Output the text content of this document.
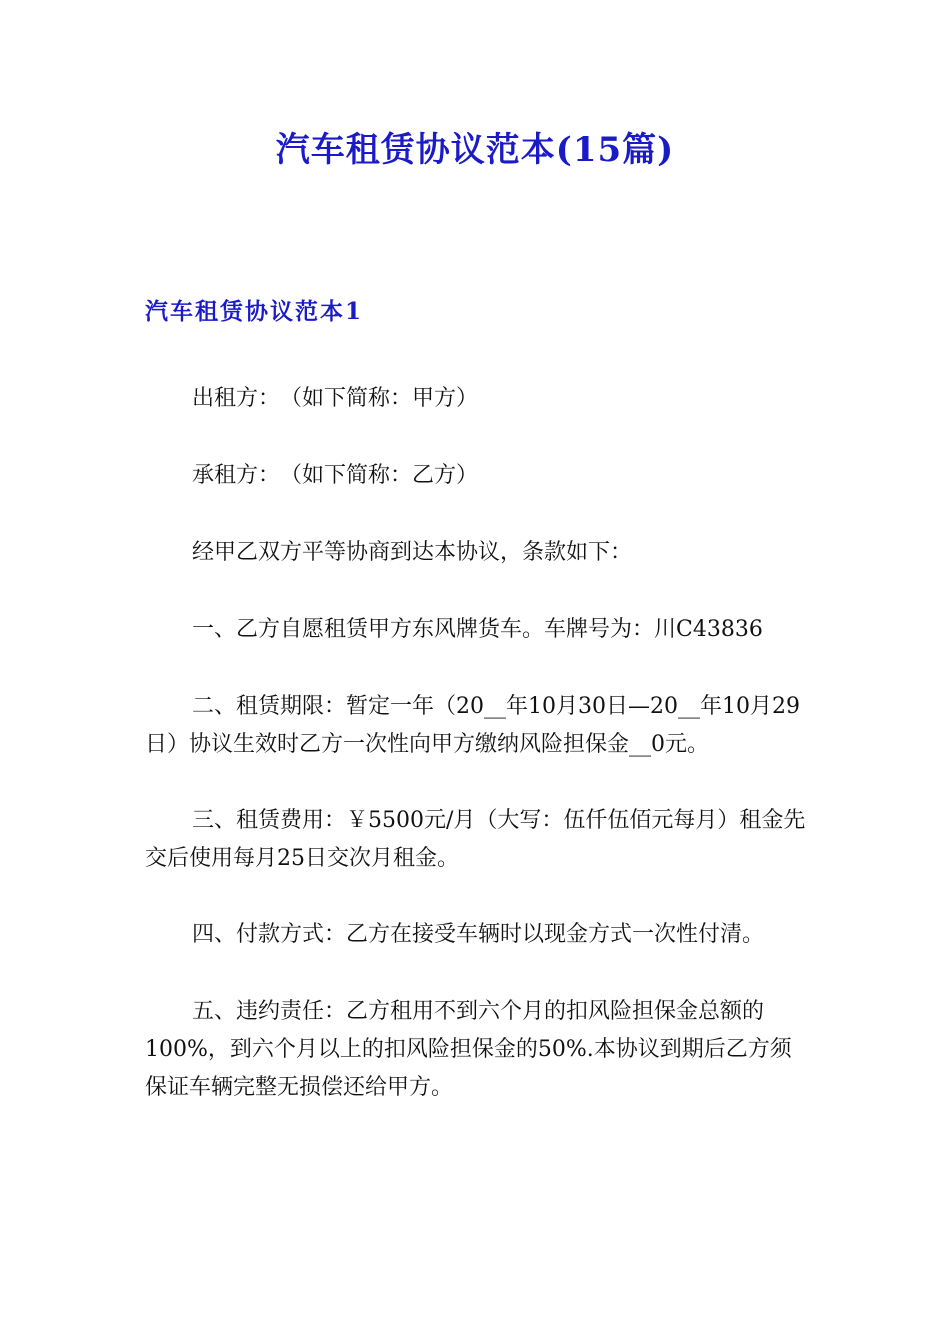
汽车租赁协议范本(15篇)
汽车租赁协议范本1

出租方：　（如下简称：甲方）

承租方：　（如下简称：乙方）

经甲乙双方平等协商到达本协议，条款如下：

一、乙方自愿租赁甲方东风牌货车。车牌号为：川C43836

二、租赁期限：暂定一年（20__年10月30日—20__年10月29日）协议生效时乙方一次性向甲方缴纳风险担保金__0元。

三、租赁费用：￥5500元/月（大写：伍仟伍佰元每月）租金先交后使用每月25日交次月租金。

四、付款方式：乙方在接受车辆时以现金方式一次性付清。

五、违约责任：乙方租用不到六个月的扣风险担保金总额的100%，到六个月以上的扣风险担保金的50%.本协议到期后乙方须保证车辆完整无损偿还给甲方。
